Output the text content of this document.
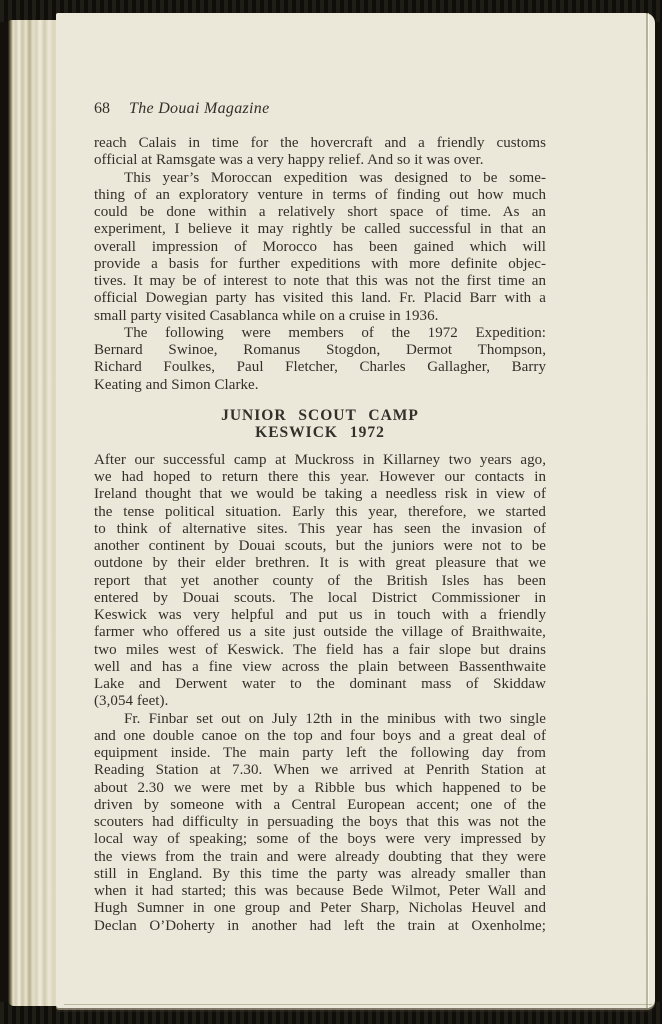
68 The Douai Magazine
reach Calais in time for the hovercraft and a friendly customs
official at Ramsgate was a very happy relief. And so it was over.
This year’s Moroccan expedition was designed to be some-
thing of an exploratory venture in terms of finding out how much
could be done within a relatively short space of time. As an
experiment, I believe it may rightly be called successful in that an
overall impression of Morocco has been gained which will
provide a basis for further expeditions with more definite objec-
tives. It may be of interest to note that this was not the first time an
official Dowegian party has visited this land. Fr. Placid Barr with a
small party visited Casablanca while on a cruise in 1936.
The following were members of the 1972 Expedition:
Bernard Swinoe, Romanus Stogdon, Dermot Thompson,
Richard Foulkes, Paul Fletcher, Charles Gallagher, Barry
Keating and Simon Clarke.
JUNIOR SCOUT CAMP
KESWICK 1972
After our successful camp at Muckross in Killarney two years ago,
we had hoped to return there this year. However our contacts in
Ireland thought that we would be taking a needless risk in view of
the tense political situation. Early this year, therefore, we started
to think of alternative sites. This year has seen the invasion of
another continent by Douai scouts, but the juniors were not to be
outdone by their elder brethren. It is with great pleasure that we
report that yet another county of the British Isles has been
entered by Douai scouts. The local District Commissioner in
Keswick was very helpful and put us in touch with a friendly
farmer who offered us a site just outside the village of Braithwaite,
two miles west of Keswick. The field has a fair slope but drains
well and has a fine view across the plain between Bassenthwaite
Lake and Derwent water to the dominant mass of Skiddaw
(3,054 feet).
Fr. Finbar set out on July 12th in the minibus with two single
and one double canoe on the top and four boys and a great deal of
equipment inside. The main party left the following day from
Reading Station at 7.30. When we arrived at Penrith Station at
about 2.30 we were met by a Ribble bus which happened to be
driven by someone with a Central European accent; one of the
scouters had difficulty in persuading the boys that this was not the
local way of speaking; some of the boys were very impressed by
the views from the train and were already doubting that they were
still in England. By this time the party was already smaller than
when it had started; this was because Bede Wilmot, Peter Wall and
Hugh Sumner in one group and Peter Sharp, Nicholas Heuvel and
Declan O’Doherty in another had left the train at Oxenholme;
